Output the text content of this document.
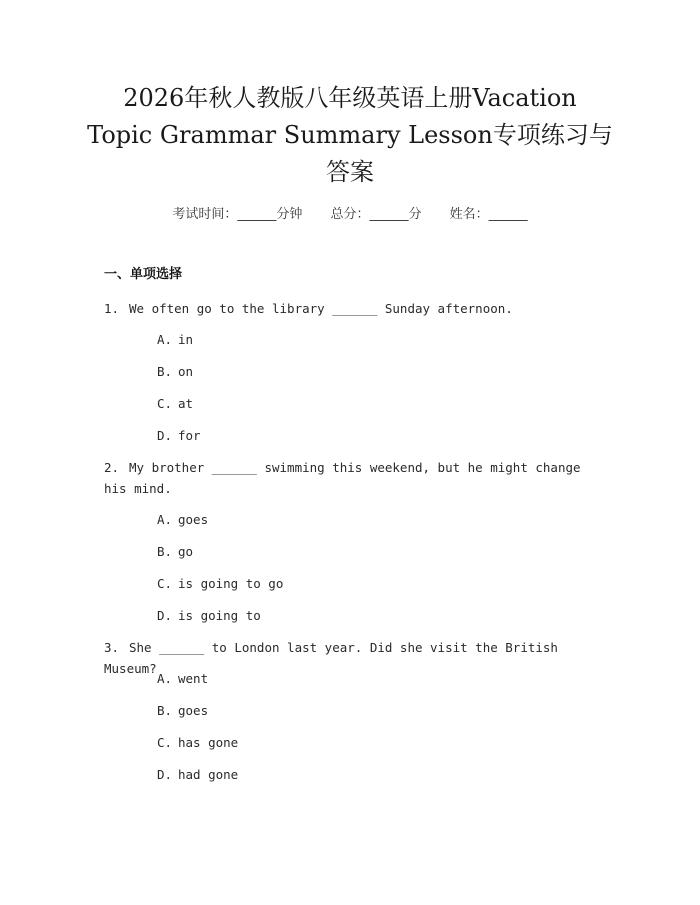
2026年秋人教版八年级英语上册Vacation
Topic Grammar Summary Lesson专项练习与
答案
考试时间：______分钟 总分：______分 姓名：______
一、单项选择
1. We often go to the library ______ Sunday afternoon.
A. in
B. on
C. at
D. for
2. My brother ______ swimming this weekend, but he might change his mind.
A. goes
B. go
C. is going to go
D. is going to
3. She ______ to London last year. Did she visit the British Museum?
A. went
B. goes
C. has gone
D. had gone
